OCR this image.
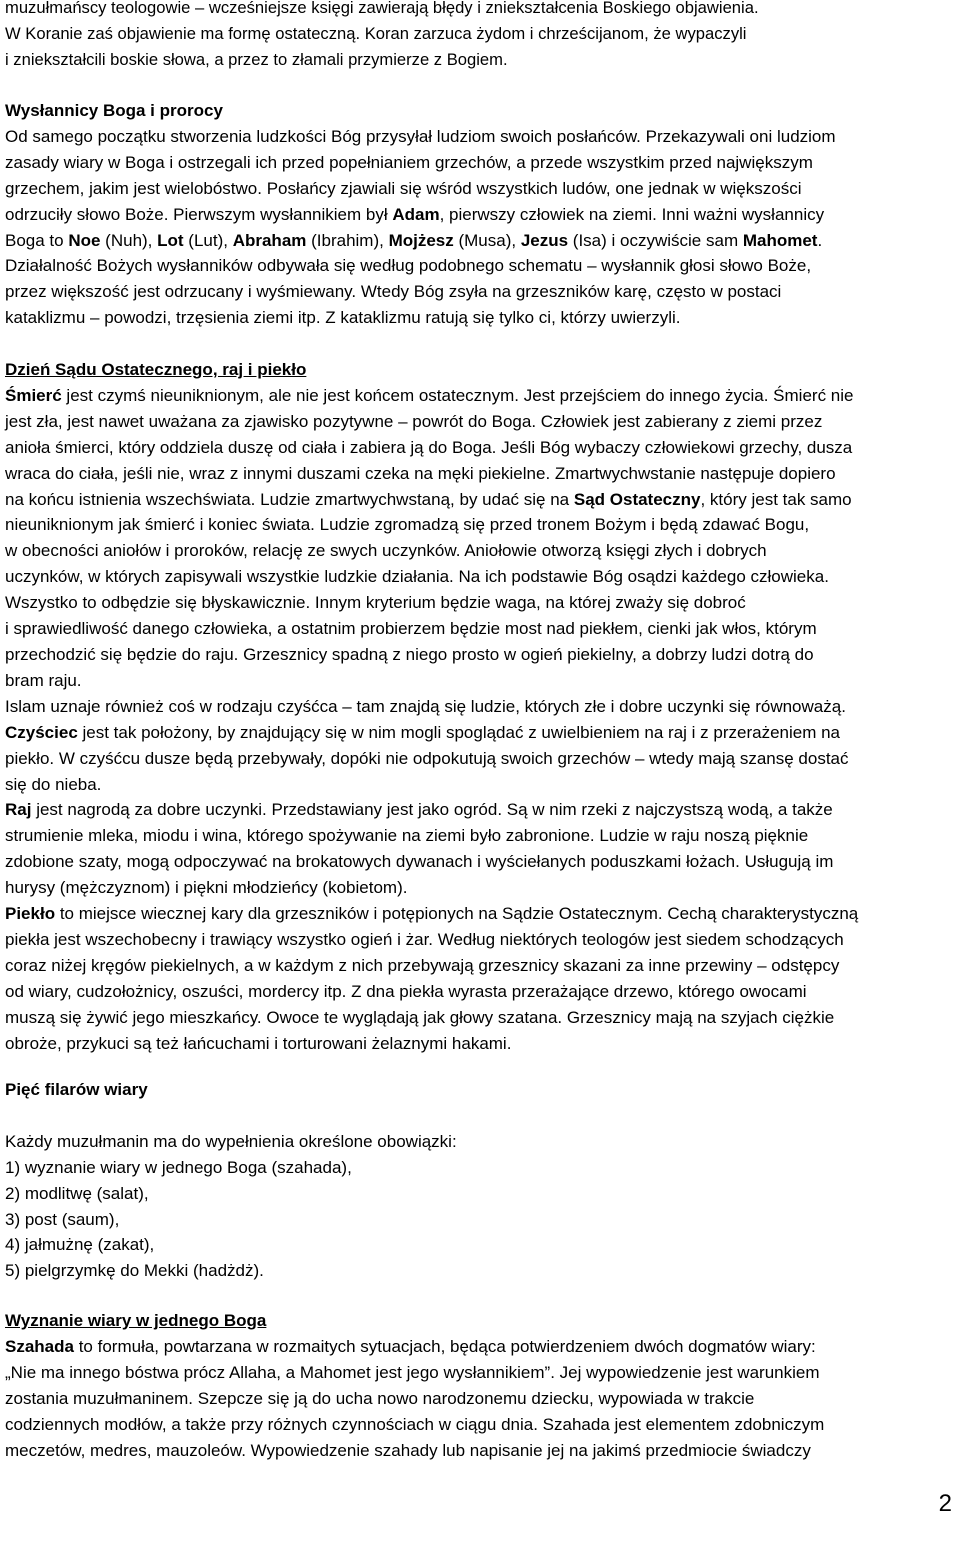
muzułmańscy teologowie – wcześniejsze księgi zawierają błędy i zniekształcenia Boskiego objawienia.
W Koranie zaś objawienie ma formę ostateczną. Koran zarzuca żydom i chrześcijanom, że wypaczyli
i zniekształcili boskie słowa, a przez to złamali przymierze z Bogiem.
Wysłannicy Boga i prorocy
Od samego początku stworzenia ludzkości Bóg przysyłał ludziom swoich posłańców. Przekazywali oni ludziom
zasady wiary w Boga i ostrzegali ich przed popełnianiem grzechów, a przede wszystkim przed największym
grzechem, jakim jest wielobóstwo. Posłańcy zjawiali się wśród wszystkich ludów, one jednak w większości
odrzuciły słowo Boże. Pierwszym wysłannikiem był Adam, pierwszy człowiek na ziemi. Inni ważni wysłannicy
Boga to Noe (Nuh), Lot (Lut), Abraham (Ibrahim), Mojżesz (Musa), Jezus (Isa) i oczywiście sam Mahomet.
Działalność Bożych wysłanników odbywała się według podobnego schematu – wysłannik głosi słowo Boże,
przez większość jest odrzucany i wyśmiewany. Wtedy Bóg zsyła na grzeszników karę, często w postaci
kataklizmu – powodzi, trzęsienia ziemi itp. Z kataklizmu ratują się tylko ci, którzy uwierzyli.
Dzień Sądu Ostatecznego, raj i piekło
Śmierć jest czymś nieuniknionym, ale nie jest końcem ostatecznym. Jest przejściem do innego życia. Śmierć nie
jest zła, jest nawet uważana za zjawisko pozytywne – powrót do Boga. Człowiek jest zabierany z ziemi przez
anioła śmierci, który oddziela duszę od ciała i zabiera ją do Boga. Jeśli Bóg wybaczy człowiekowi grzechy, dusza
wraca do ciała, jeśli nie, wraz z innymi duszami czeka na męki piekielne. Zmartwychwstanie następuje dopiero
na końcu istnienia wszechświata. Ludzie zmartwychwstaną, by udać się na Sąd Ostateczny, który jest tak samo
nieuniknionym jak śmierć i koniec świata. Ludzie zgromadzą się przed tronem Bożym i będą zdawać Bogu,
w obecności aniołów i proroków, relację ze swych uczynków. Aniołowie otworzą księgi złych i dobrych
uczynków, w których zapisywali wszystkie ludzkie działania. Na ich podstawie Bóg osądzi każdego człowieka.
Wszystko to odbędzie się błyskawicznie. Innym kryterium będzie waga, na której zważy się dobroć
i sprawiedliwość danego człowieka, a ostatnim probierzem będzie most nad piekłem, cienki jak włos, którym
przechodzić się będzie do raju. Grzesznicy spadną z niego prosto w ogień piekielny, a dobrzy ludzi dotrą do
bram raju.
Islam uznaje również coś w rodzaju czyśćca – tam znajdą się ludzie, których złe i dobre uczynki się równoważą.
Czyściec jest tak położony, by znajdujący się w nim mogli spoglądać z uwielbieniem na raj i z przerażeniem na
piekło. W czyśćcu dusze będą przebywały, dopóki nie odpokutują swoich grzechów – wtedy mają szansę dostać
się do nieba.
Raj jest nagrodą za dobre uczynki. Przedstawiany jest jako ogród. Są w nim rzeki z najczystszą wodą, a także
strumienie mleka, miodu i wina, którego spożywanie na ziemi było zabronione. Ludzie w raju noszą pięknie
zdobione szaty, mogą odpoczywać na brokatowych dywanach i wyściełanych poduszkami łożach. Usługują im
hurysy (mężczyznom) i piękni młodzieńcy (kobietom).
Piekło to miejsce wiecznej kary dla grzeszników i potępionych na Sądzie Ostatecznym. Cechą charakterystyczną
piekła jest wszechobecny i trawiący wszystko ogień i żar. Według niektórych teologów jest siedem schodzących
coraz niżej kręgów piekielnych, a w każdym z nich przebywają grzesznicy skazani za inne przewiny – odstępcy
od wiary, cudzołożnicy, oszuści, mordercy itp. Z dna piekła wyrasta przerażające drzewo, którego owocami
muszą się żywić jego mieszkańcy. Owoce te wyglądają jak głowy szatana. Grzesznicy mają na szyjach ciężkie
obroże, przykuci są też łańcuchami i torturowani żelaznymi hakami.
Pięć filarów wiary
Każdy muzułmanin ma do wypełnienia określone obowiązki:
1) wyznanie wiary w jednego Boga (szahada),
2) modlitwę (salat),
3) post (saum),
4) jałmużnę (zakat),
5) pielgrzymkę do Mekki (hadżdż).
Wyznanie wiary w jednego Boga
Szahada to formuła, powtarzana w rozmaitych sytuacjach, będąca potwierdzeniem dwóch dogmatów wiary:
„Nie ma innego bóstwa prócz Allaha, a Mahomet jest jego wysłannikiem”. Jej wypowiedzenie jest warunkiem
zostania muzułmaninem. Szepcze się ją do ucha nowo narodzonemu dziecku, wypowiada w trakcie
codziennych modłów, a także przy różnych czynnościach w ciągu dnia. Szahada jest elementem zdobniczym
meczetów, medres, mauzoleów. Wypowiedzenie szahady lub napisanie jej na jakimś przedmiocie świadczy
2
